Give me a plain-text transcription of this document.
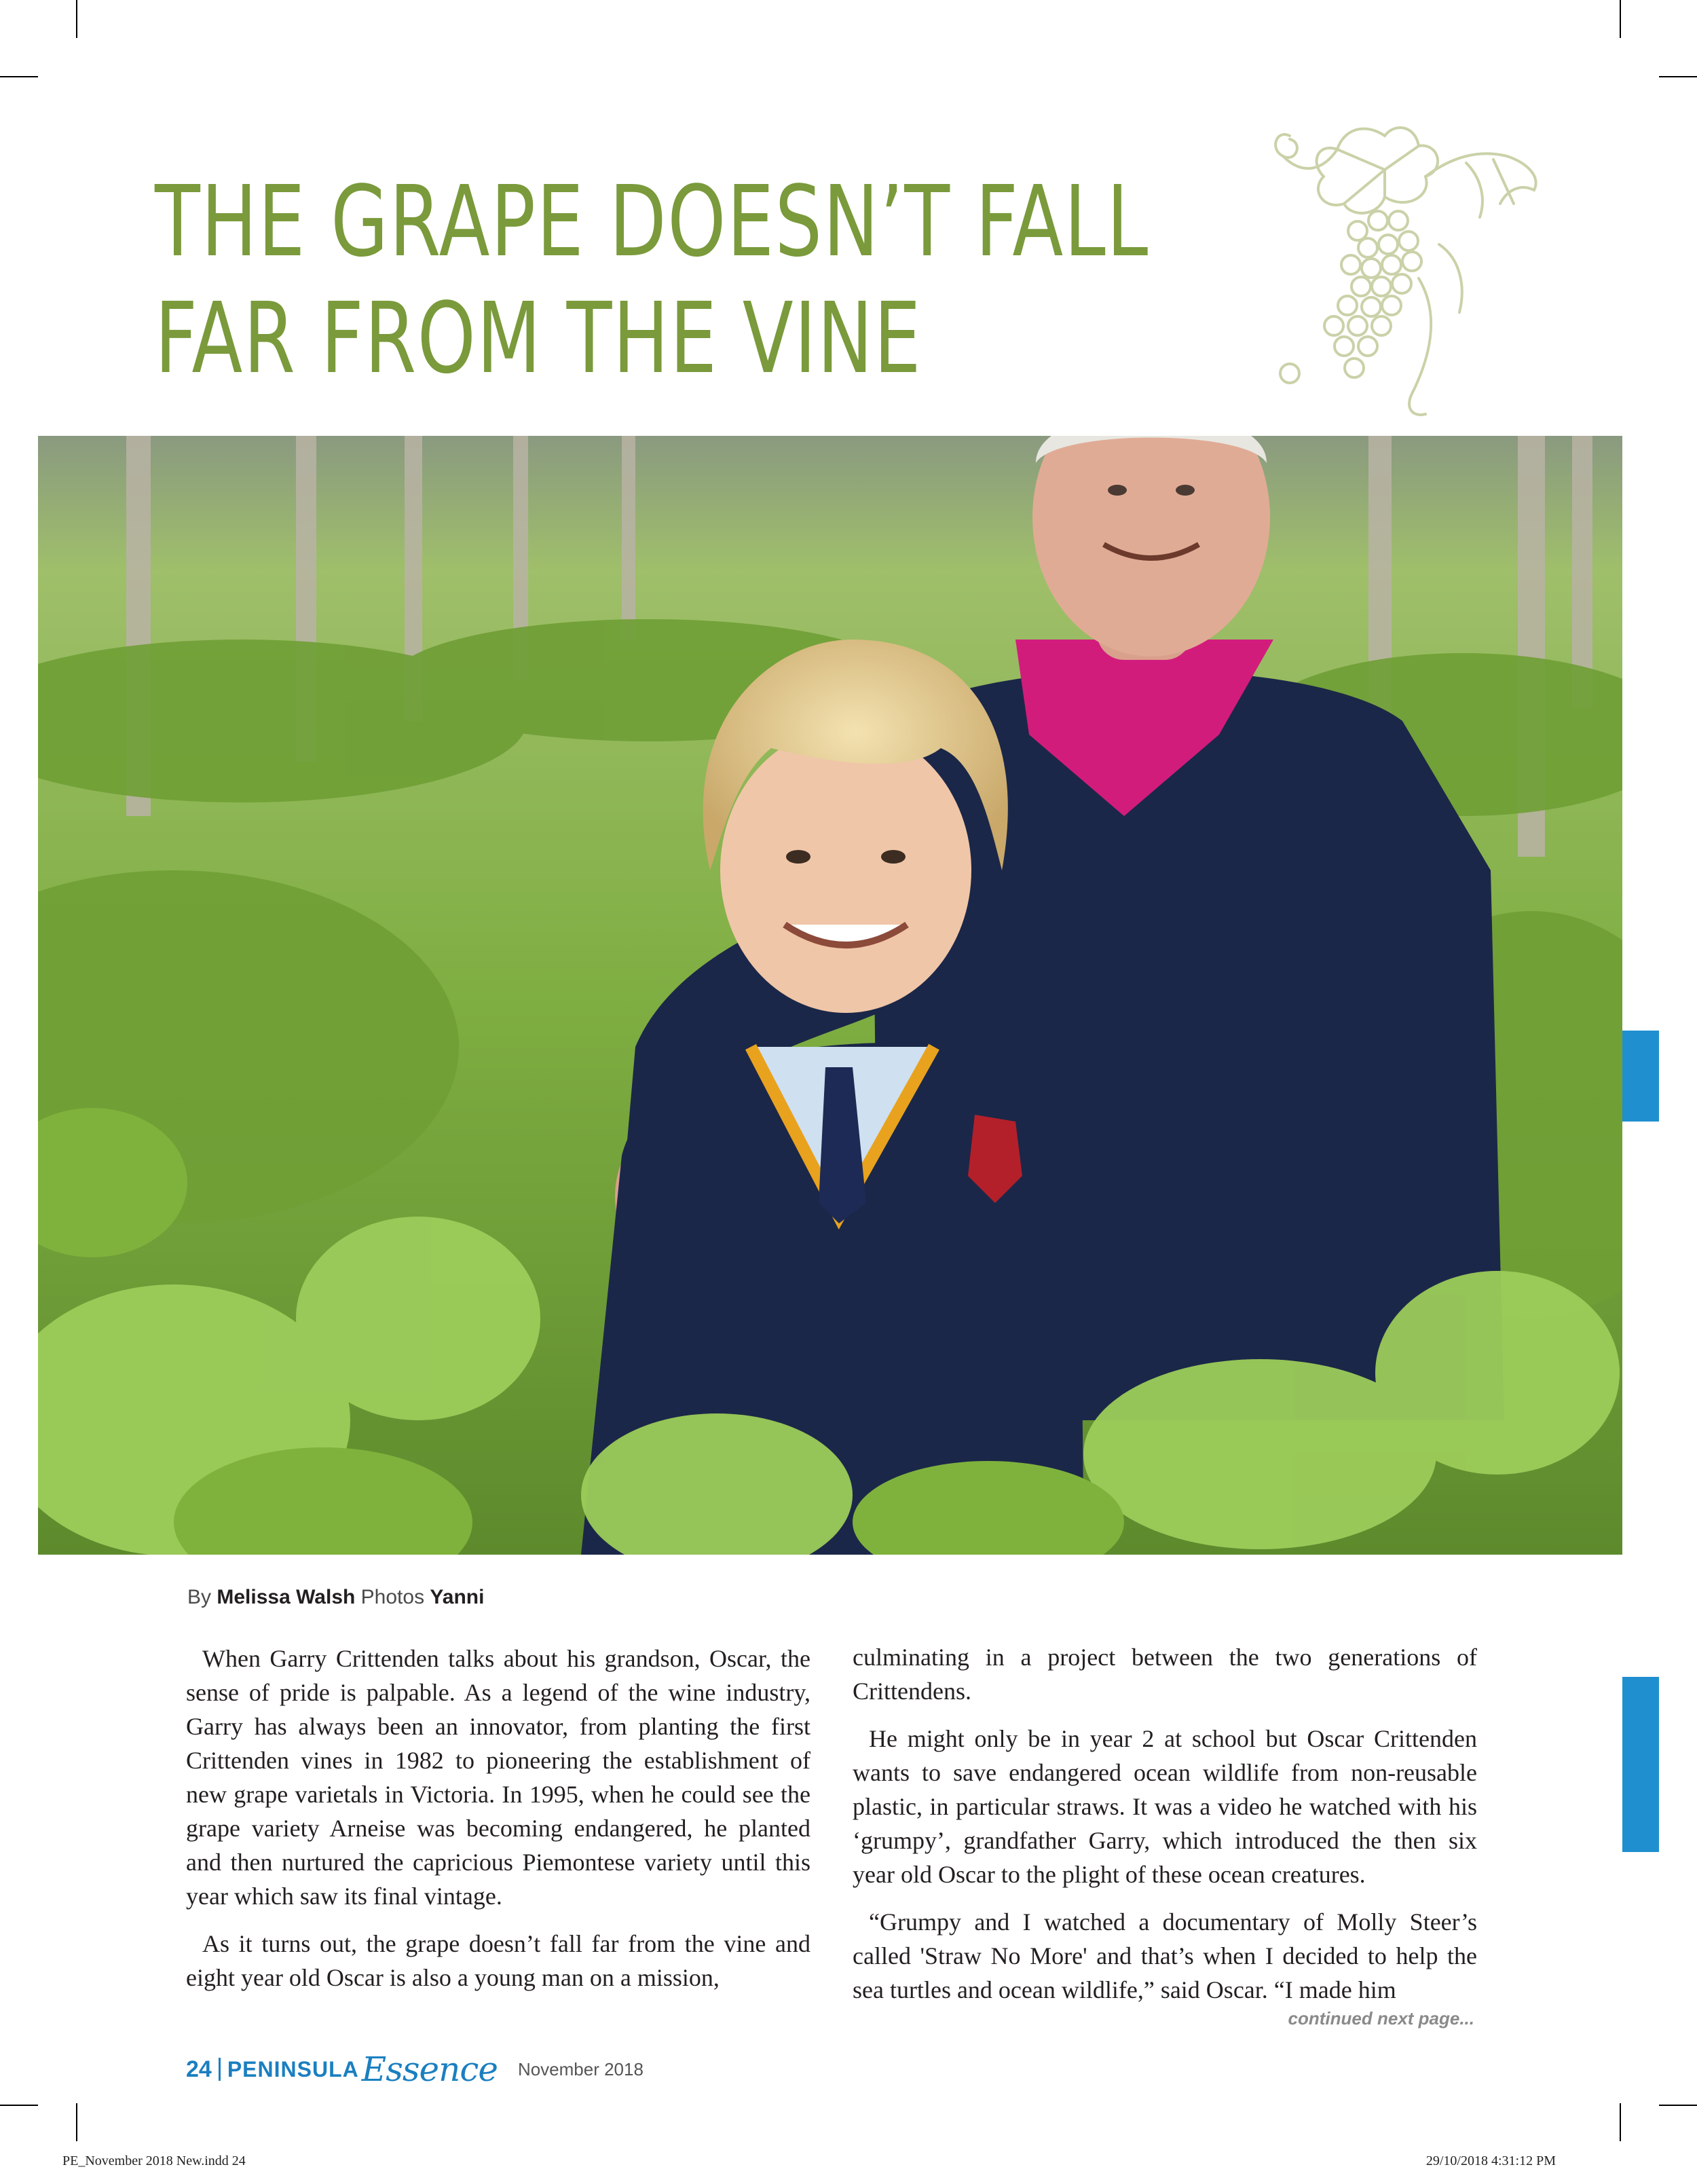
THE GRAPE DOESN’T FALL
FAR FROM THE VINE
By Melissa Walsh Photos Yanni

When Garry Crittenden talks about his grandson, Oscar, the sense of pride is palpable. As a legend of the wine industry, Garry has always been an innovator, from planting the first Crittenden vines in 1982 to pioneering the establishment of new grape varietals in Victoria. In 1995, when he could see the grape variety Arneise was becoming endangered, he planted and then nurtured the capricious Piemontese variety until this year which saw its final vintage.

As it turns out, the grape doesn’t fall far from the vine and eight year old Oscar is also a young man on a mission,

culminating in a project between the two generations of Crittendens.

He might only be in year 2 at school but Oscar Crittenden wants to save endangered ocean wildlife from non-reusable plastic, in particular straws. It was a video he watched with his ‘grumpy’, grandfather Garry, which introduced the then six year old Oscar to the plight of these ocean creatures.

“Grumpy and I watched a documentary of Molly Steer’s called 'Straw No More' and that’s when I decided to help the sea turtles and ocean wildlife,” said Oscar. “I made him

continued next page...
24 PENINSULA Essence November 2018
PE_November 2018 New.indd 24	29/10/2018 4:31:12 PM
